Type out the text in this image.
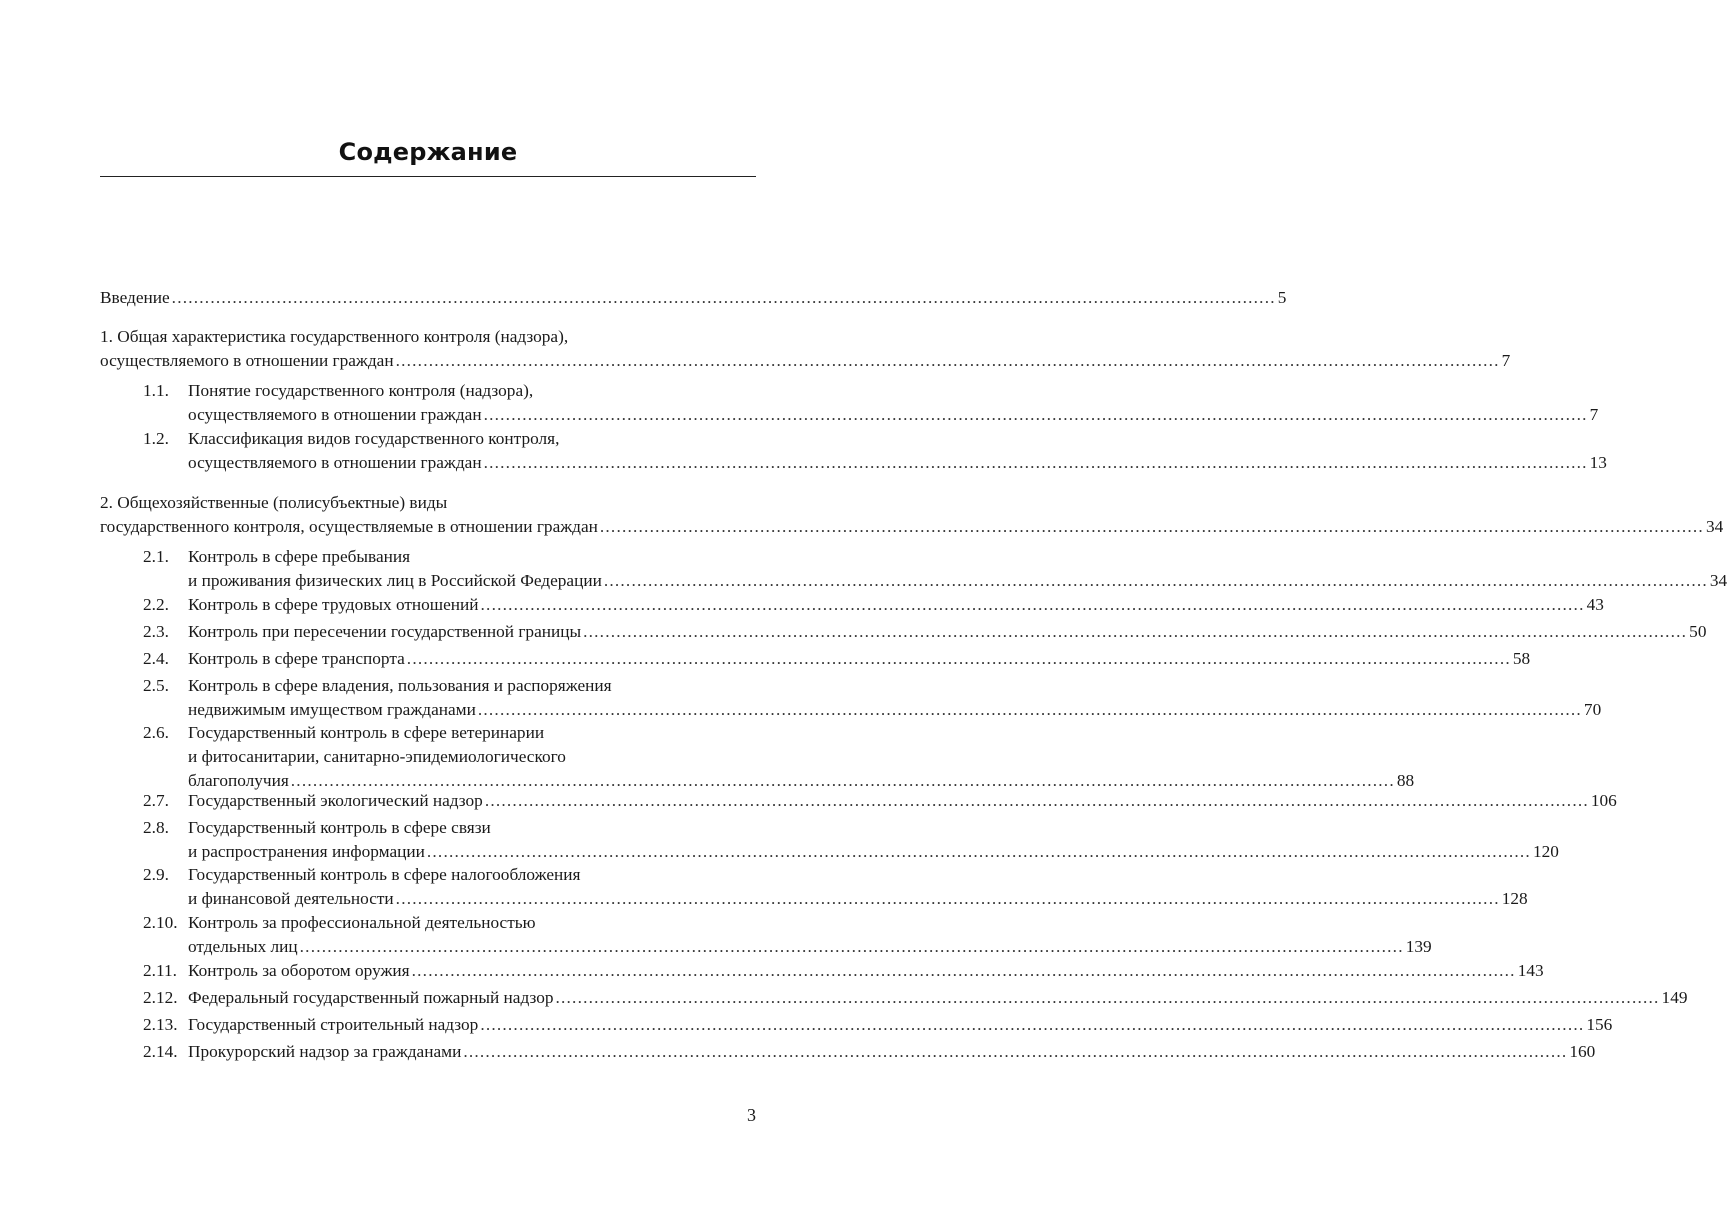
Содержание
Введение ........................................................................................................................................................................................................ 5
1. Общая характеристика государственного контроля (надзора),
осуществляемого в отношении граждан ........................................................................................................................................................................................................ 7
1.1. Понятие государственного контроля (надзора),
осуществляемого в отношении граждан ........................................................................................................................................................................................................ 7
1.2. Классификация видов государственного контроля,
осуществляемого в отношении граждан ........................................................................................................................................................................................................ 13
2. Общехозяйственные (полисубъектные) виды
государственного контроля, осуществляемые в отношении граждан ........................................................................................................................................................................................................ 34
2.1. Контроль в сфере пребывания
и проживания физических лиц в Российской Федерации ........................................................................................................................................................................................................ 34
2.2. Контроль в сфере трудовых отношений ........................................................................................................................................................................................................ 43
2.3. Контроль при пересечении государственной границы ........................................................................................................................................................................................................ 50
2.4. Контроль в сфере транспорта ........................................................................................................................................................................................................ 58
2.5. Контроль в сфере владения, пользования и распоряжения
недвижимым имуществом гражданами ........................................................................................................................................................................................................ 70
2.6. Государственный контроль в сфере ветеринарии
и фитосанитарии, санитарно-эпидемиологического
благополучия ........................................................................................................................................................................................................ 88
2.7. Государственный экологический надзор ........................................................................................................................................................................................................ 106
2.8. Государственный контроль в сфере связи
и распространения информации ........................................................................................................................................................................................................ 120
2.9. Государственный контроль в сфере налогообложения
и финансовой деятельности ........................................................................................................................................................................................................ 128
2.10. Контроль за профессиональной деятельностью
отдельных лиц ........................................................................................................................................................................................................ 139
2.11. Контроль за оборотом оружия ........................................................................................................................................................................................................ 143
2.12. Федеральный государственный пожарный надзор ........................................................................................................................................................................................................ 149
2.13. Государственный строительный надзор ........................................................................................................................................................................................................ 156
2.14. Прокурорский надзор за гражданами ........................................................................................................................................................................................................ 160
3
